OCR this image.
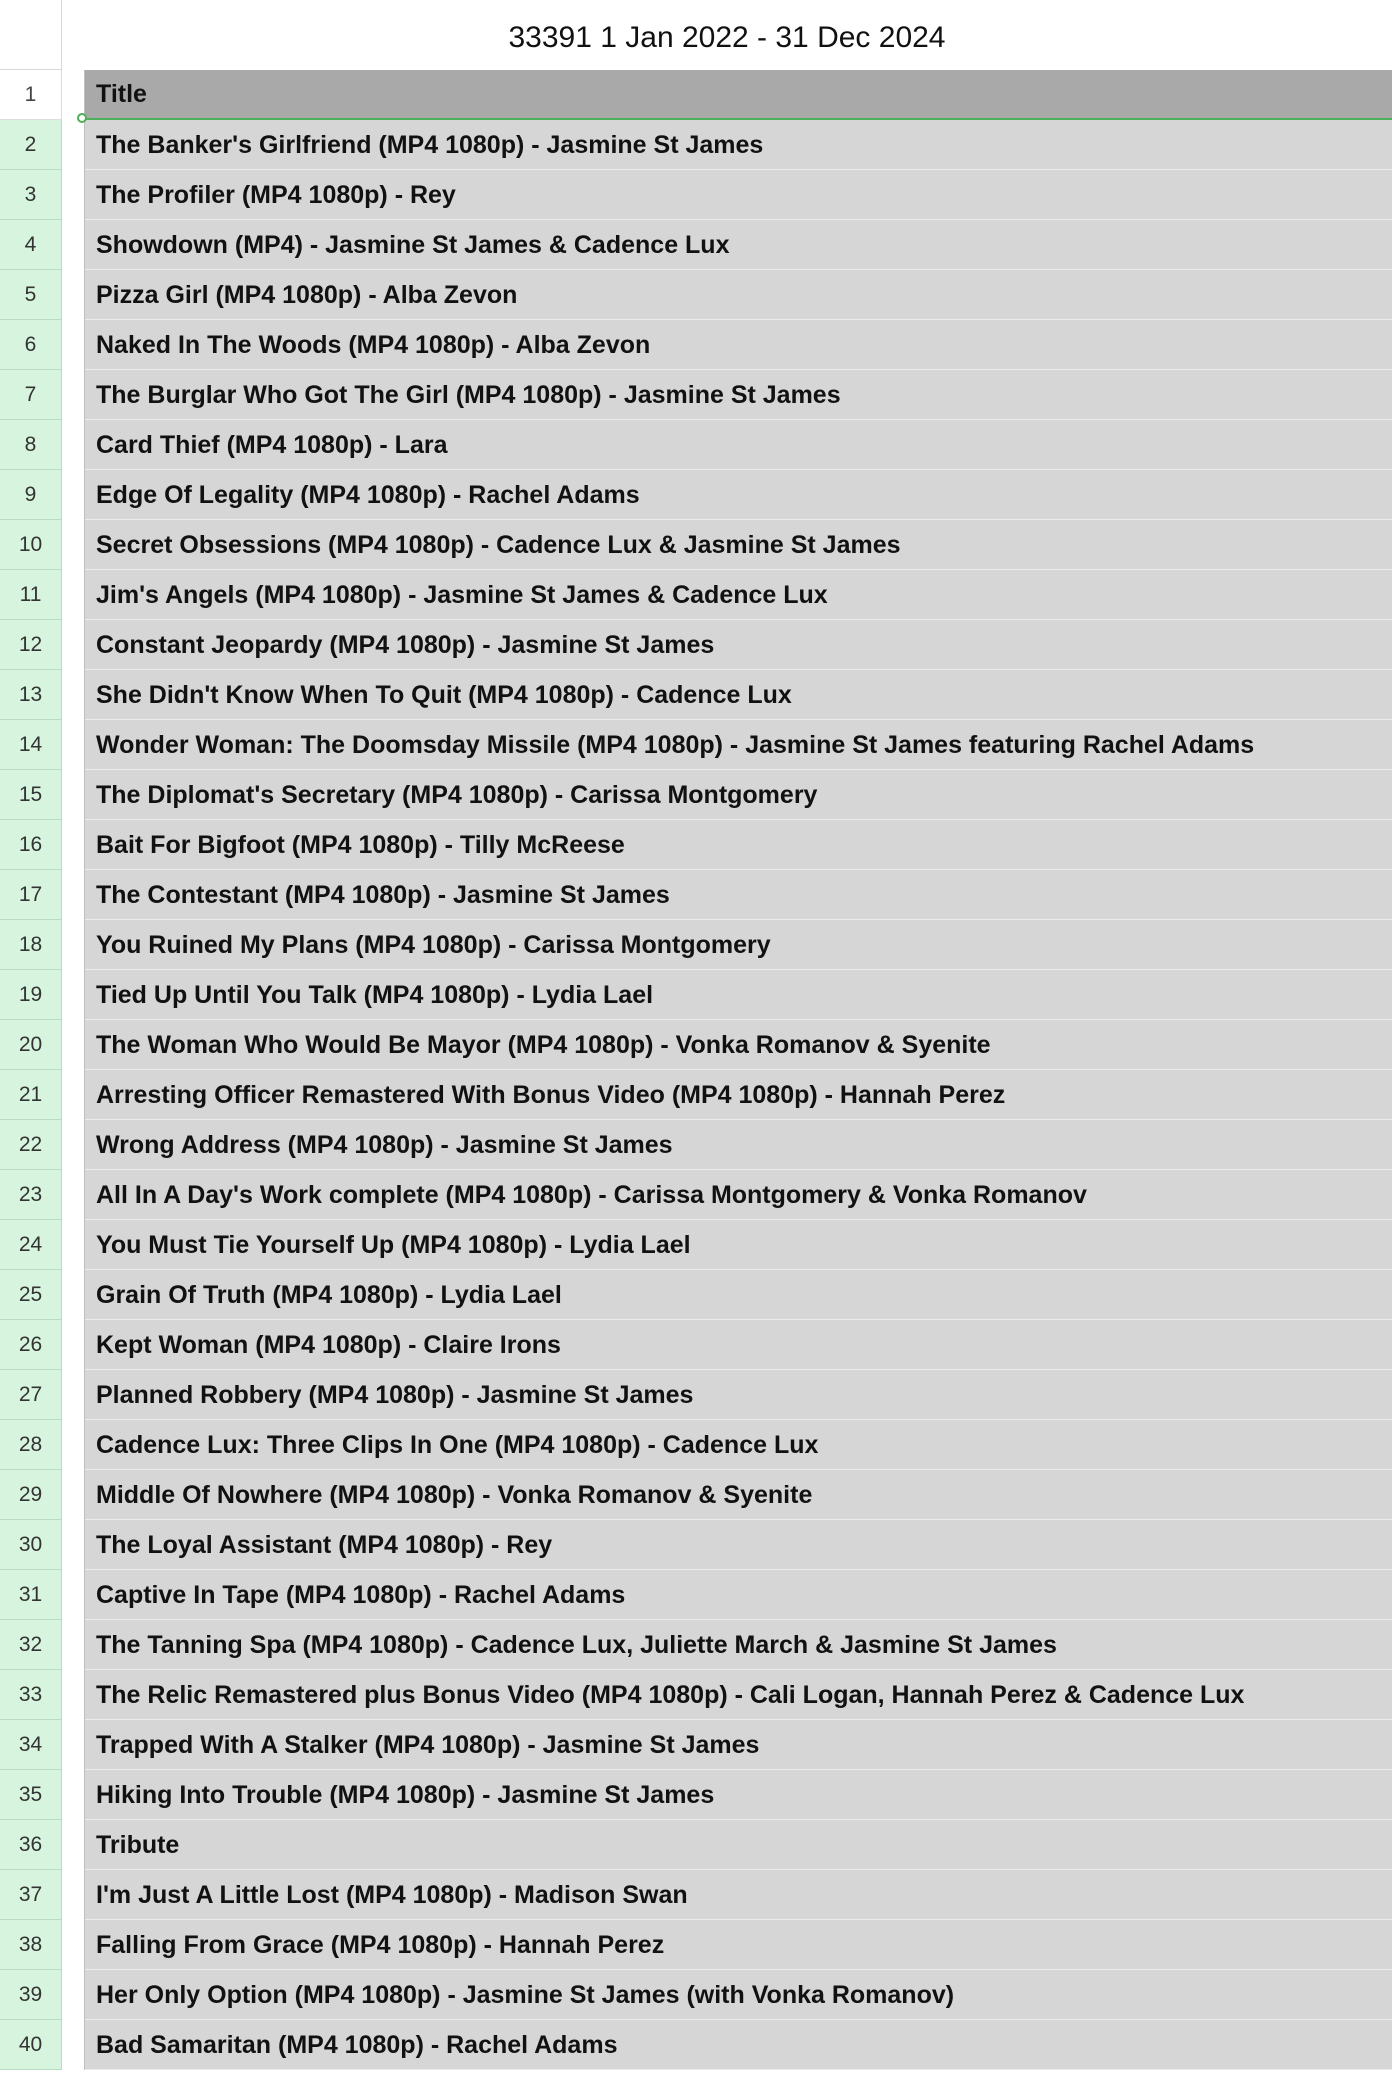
33391 1 Jan 2022 - 31 Dec 2024
1
2
3
4
5
6
7
8
9
10
11
12
13
14
15
16
17
18
19
20
21
22
23
24
25
26
27
28
29
30
31
32
33
34
35
36
37
38
39
40
Title
The Banker's Girlfriend (MP4 1080p) - Jasmine St James
The Profiler (MP4 1080p) - Rey
Showdown (MP4) - Jasmine St James & Cadence Lux
Pizza Girl (MP4 1080p) - Alba Zevon
Naked In The Woods (MP4 1080p) - Alba Zevon
The Burglar Who Got The Girl (MP4 1080p) - Jasmine St James
Card Thief (MP4 1080p) - Lara
Edge Of Legality (MP4 1080p) - Rachel Adams
Secret Obsessions (MP4 1080p) - Cadence Lux & Jasmine St James
Jim's Angels (MP4 1080p) - Jasmine St James & Cadence Lux
Constant Jeopardy (MP4 1080p) - Jasmine St James
She Didn't Know When To Quit (MP4 1080p) - Cadence Lux
Wonder Woman: The Doomsday Missile (MP4 1080p) - Jasmine St James featuring Rachel Adams
The Diplomat's Secretary (MP4 1080p) - Carissa Montgomery
Bait For Bigfoot (MP4 1080p) - Tilly McReese
The Contestant (MP4 1080p) - Jasmine St James
You Ruined My Plans (MP4 1080p) - Carissa Montgomery
Tied Up Until You Talk (MP4 1080p) - Lydia Lael
The Woman Who Would Be Mayor (MP4 1080p) - Vonka Romanov & Syenite
Arresting Officer Remastered With Bonus Video (MP4 1080p) - Hannah Perez
Wrong Address (MP4 1080p) - Jasmine St James
All In A Day's Work complete (MP4 1080p) - Carissa Montgomery & Vonka Romanov
You Must Tie Yourself Up (MP4 1080p) - Lydia Lael
Grain Of Truth (MP4 1080p) - Lydia Lael
Kept Woman (MP4 1080p) - Claire Irons
Planned Robbery (MP4 1080p) - Jasmine St James
Cadence Lux: Three Clips In One (MP4 1080p) - Cadence Lux
Middle Of Nowhere (MP4 1080p) - Vonka Romanov & Syenite
The Loyal Assistant (MP4 1080p) - Rey
Captive In Tape (MP4 1080p) - Rachel Adams
The Tanning Spa (MP4 1080p) - Cadence Lux, Juliette March & Jasmine St James
The Relic Remastered plus Bonus Video (MP4 1080p) - Cali Logan, Hannah Perez & Cadence Lux
Trapped With A Stalker (MP4 1080p) - Jasmine St James
Hiking Into Trouble (MP4 1080p) - Jasmine St James
Tribute
I'm Just A Little Lost (MP4 1080p) - Madison Swan
Falling From Grace (MP4 1080p) - Hannah Perez
Her Only Option (MP4 1080p) - Jasmine St James (with Vonka Romanov)
Bad Samaritan (MP4 1080p) - Rachel Adams
